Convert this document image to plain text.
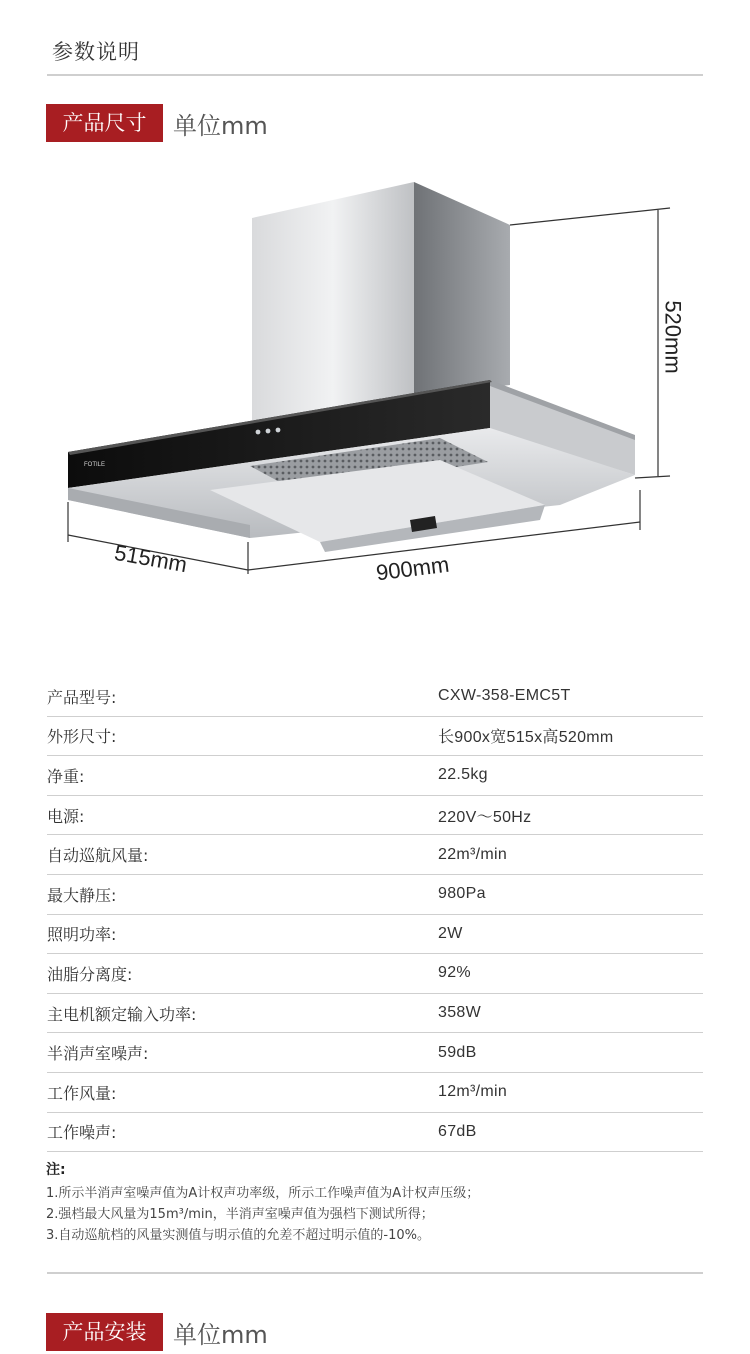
参数说明
产品尺寸	单位mm
FOTILE
515mm	900mm
520mm
产品型号:	CXW-358-EMC5T
外形尺寸:	长900x宽515x高520mm
净重:	22.5kg
电源:	220V～50Hz
自动巡航风量:	22m³/min
最大静压:	980Pa
照明功率:	2W
油脂分离度:	92%
主电机额定输入功率:	358W
半消声室噪声:	59dB
工作风量:	12m³/min
工作噪声:	67dB
注:
1.所示半消声室噪声值为A计权声功率级，所示工作噪声值为A计权声压级；
2.强档最大风量为15m³/min，半消声室噪声值为强档下测试所得；
3.自动巡航档的风量实测值与明示值的允差不超过明示值的-10%。
产品安装	单位mm
